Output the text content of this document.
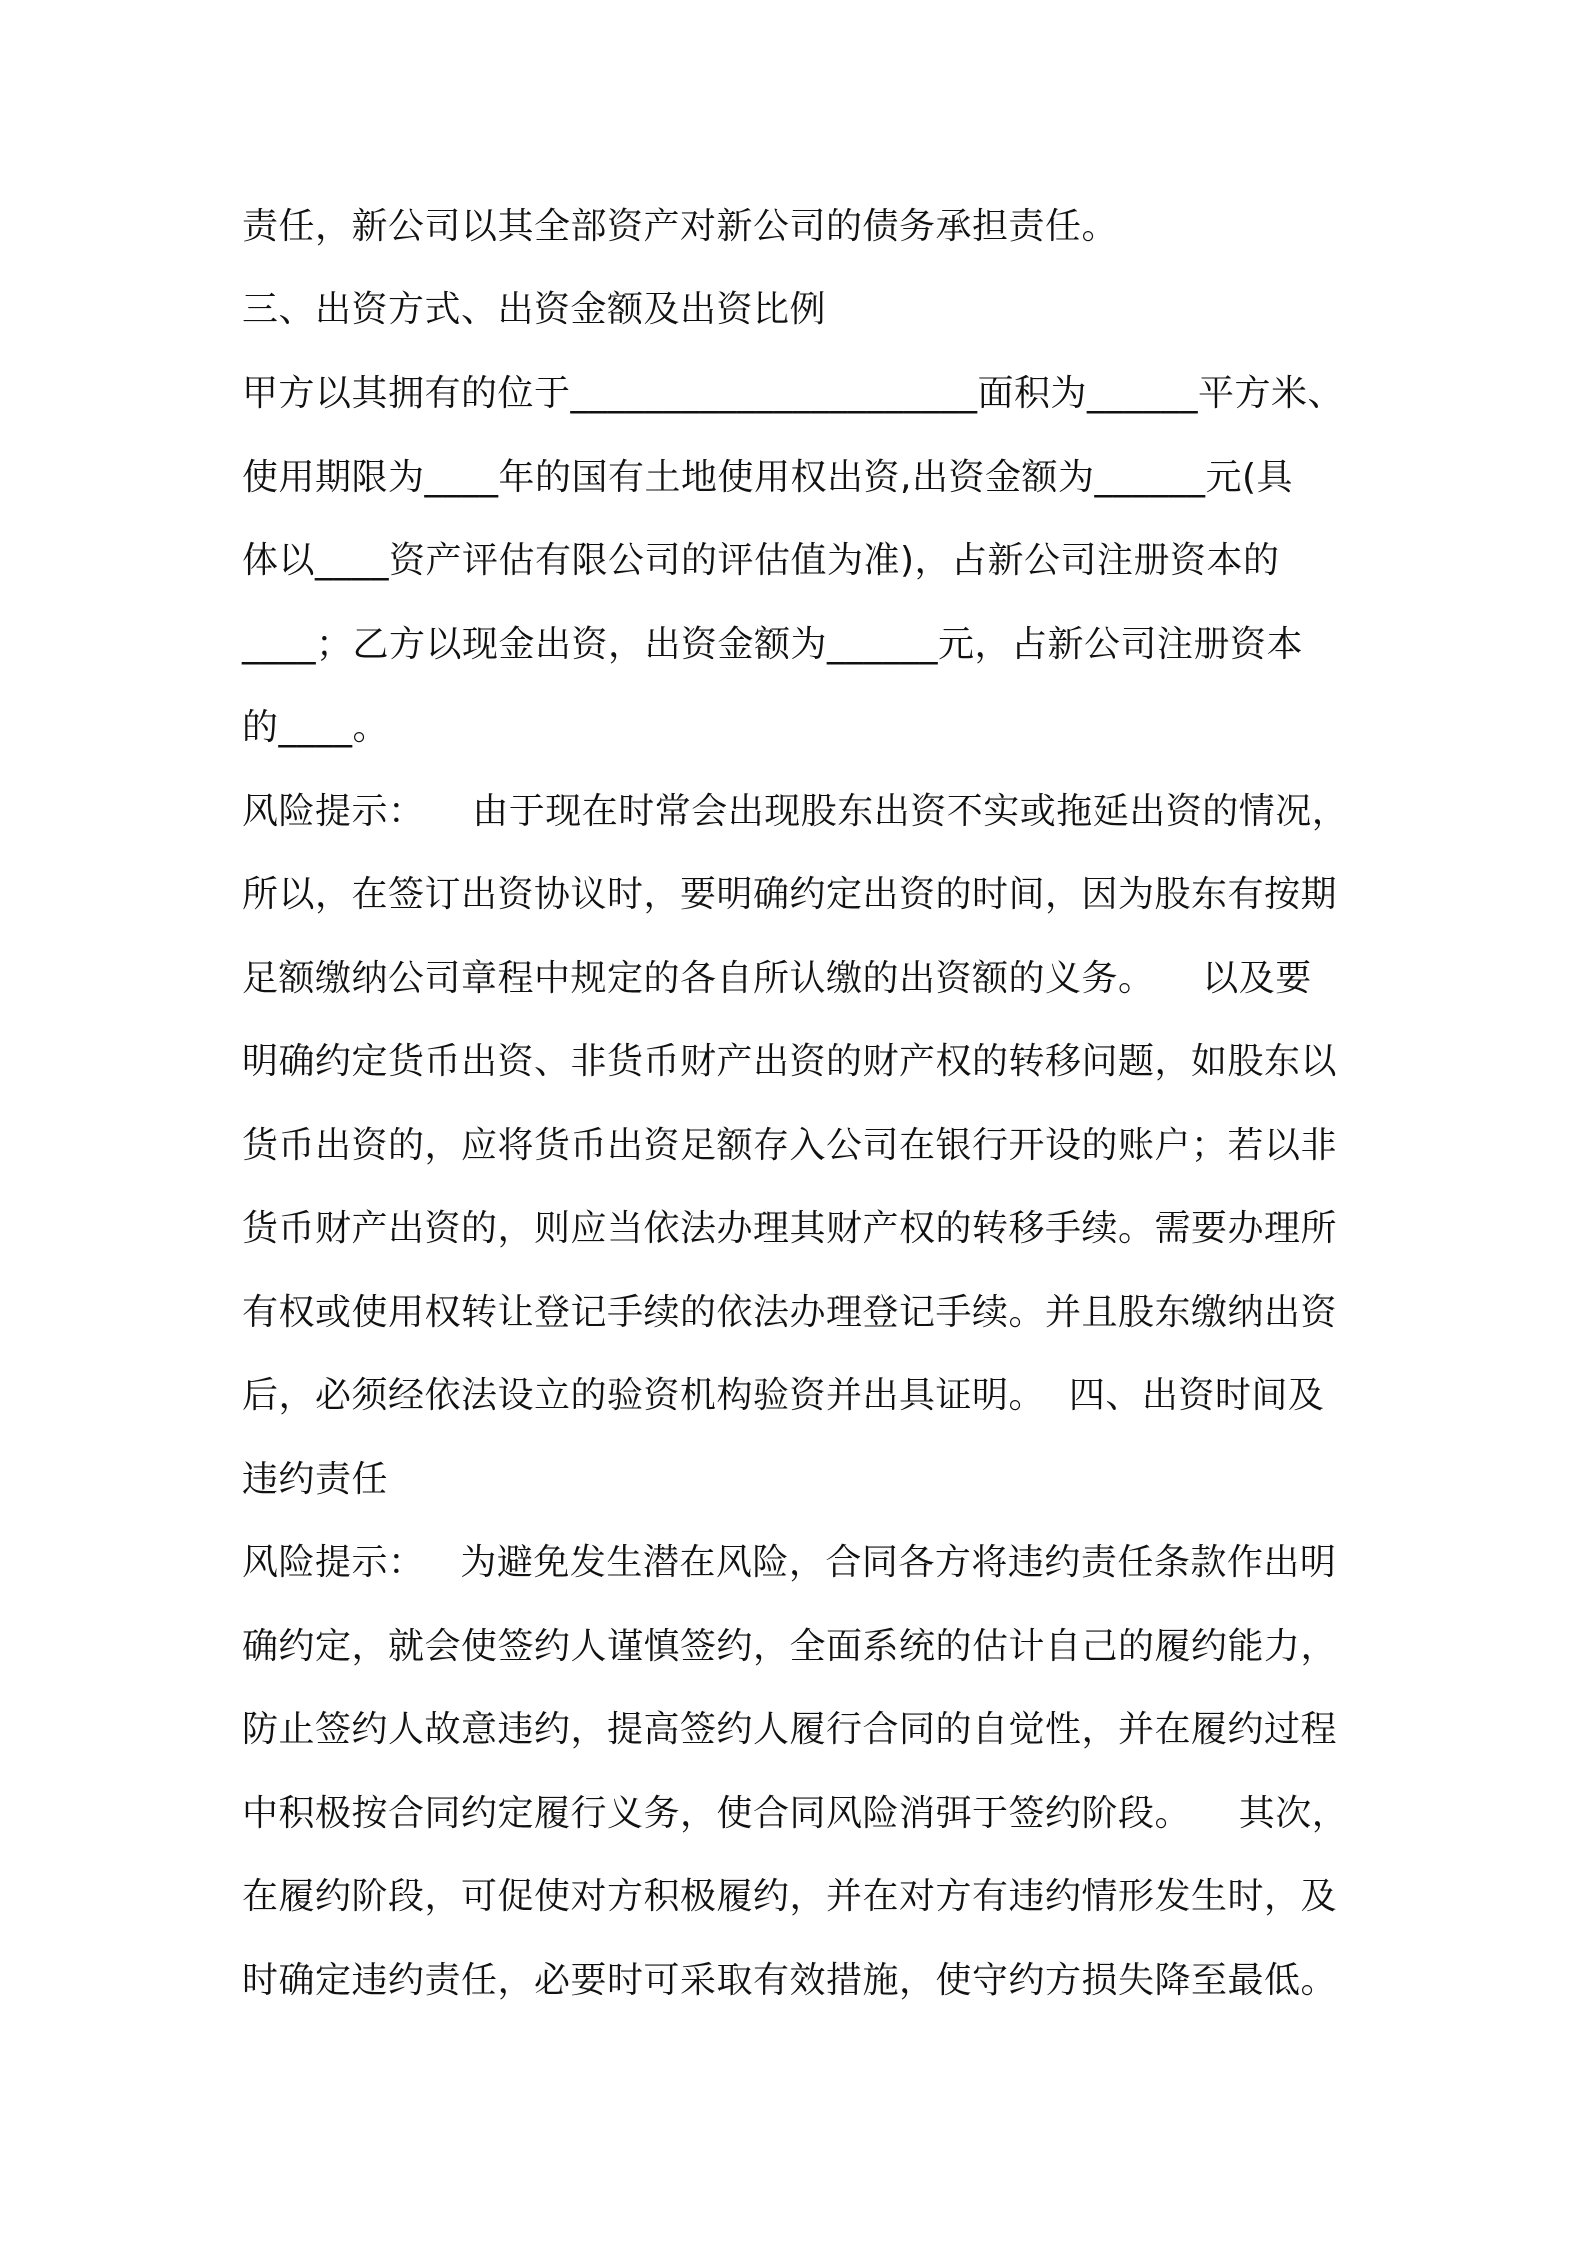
责任，新公司以其全部资产对新公司的债务承担责任。
三、出资方式、出资金额及出资比例
甲方以其拥有的位于______________________面积为______平方米、
使用期限为____年的国有土地使用权出资,出资金额为______元(具
体以____资产评估有限公司的评估值为准)，占新公司注册资本的
____；乙方以现金出资，出资金额为______元，占新公司注册资本
的____。
风险提示：    由于现在时常会出现股东出资不实或拖延出资的情况，
所以，在签订出资协议时，要明确约定出资的时间，因为股东有按期
足额缴纳公司章程中规定的各自所认缴的出资额的义务。    以及要
明确约定货币出资、非货币财产出资的财产权的转移问题，如股东以
货币出资的，应将货币出资足额存入公司在银行开设的账户；若以非
货币财产出资的，则应当依法办理其财产权的转移手续。需要办理所
有权或使用权转让登记手续的依法办理登记手续。并且股东缴纳出资
后，必须经依法设立的验资机构验资并出具证明。  四、出资时间及
违约责任
风险提示：   为避免发生潜在风险，合同各方将违约责任条款作出明
确约定，就会使签约人谨慎签约，全面系统的估计自己的履约能力，
防止签约人故意违约，提高签约人履行合同的自觉性，并在履约过程
中积极按合同约定履行义务，使合同风险消弭于签约阶段。    其次，
在履约阶段，可促使对方积极履约，并在对方有违约情形发生时，及
时确定违约责任，必要时可采取有效措施，使守约方损失降至最低。
